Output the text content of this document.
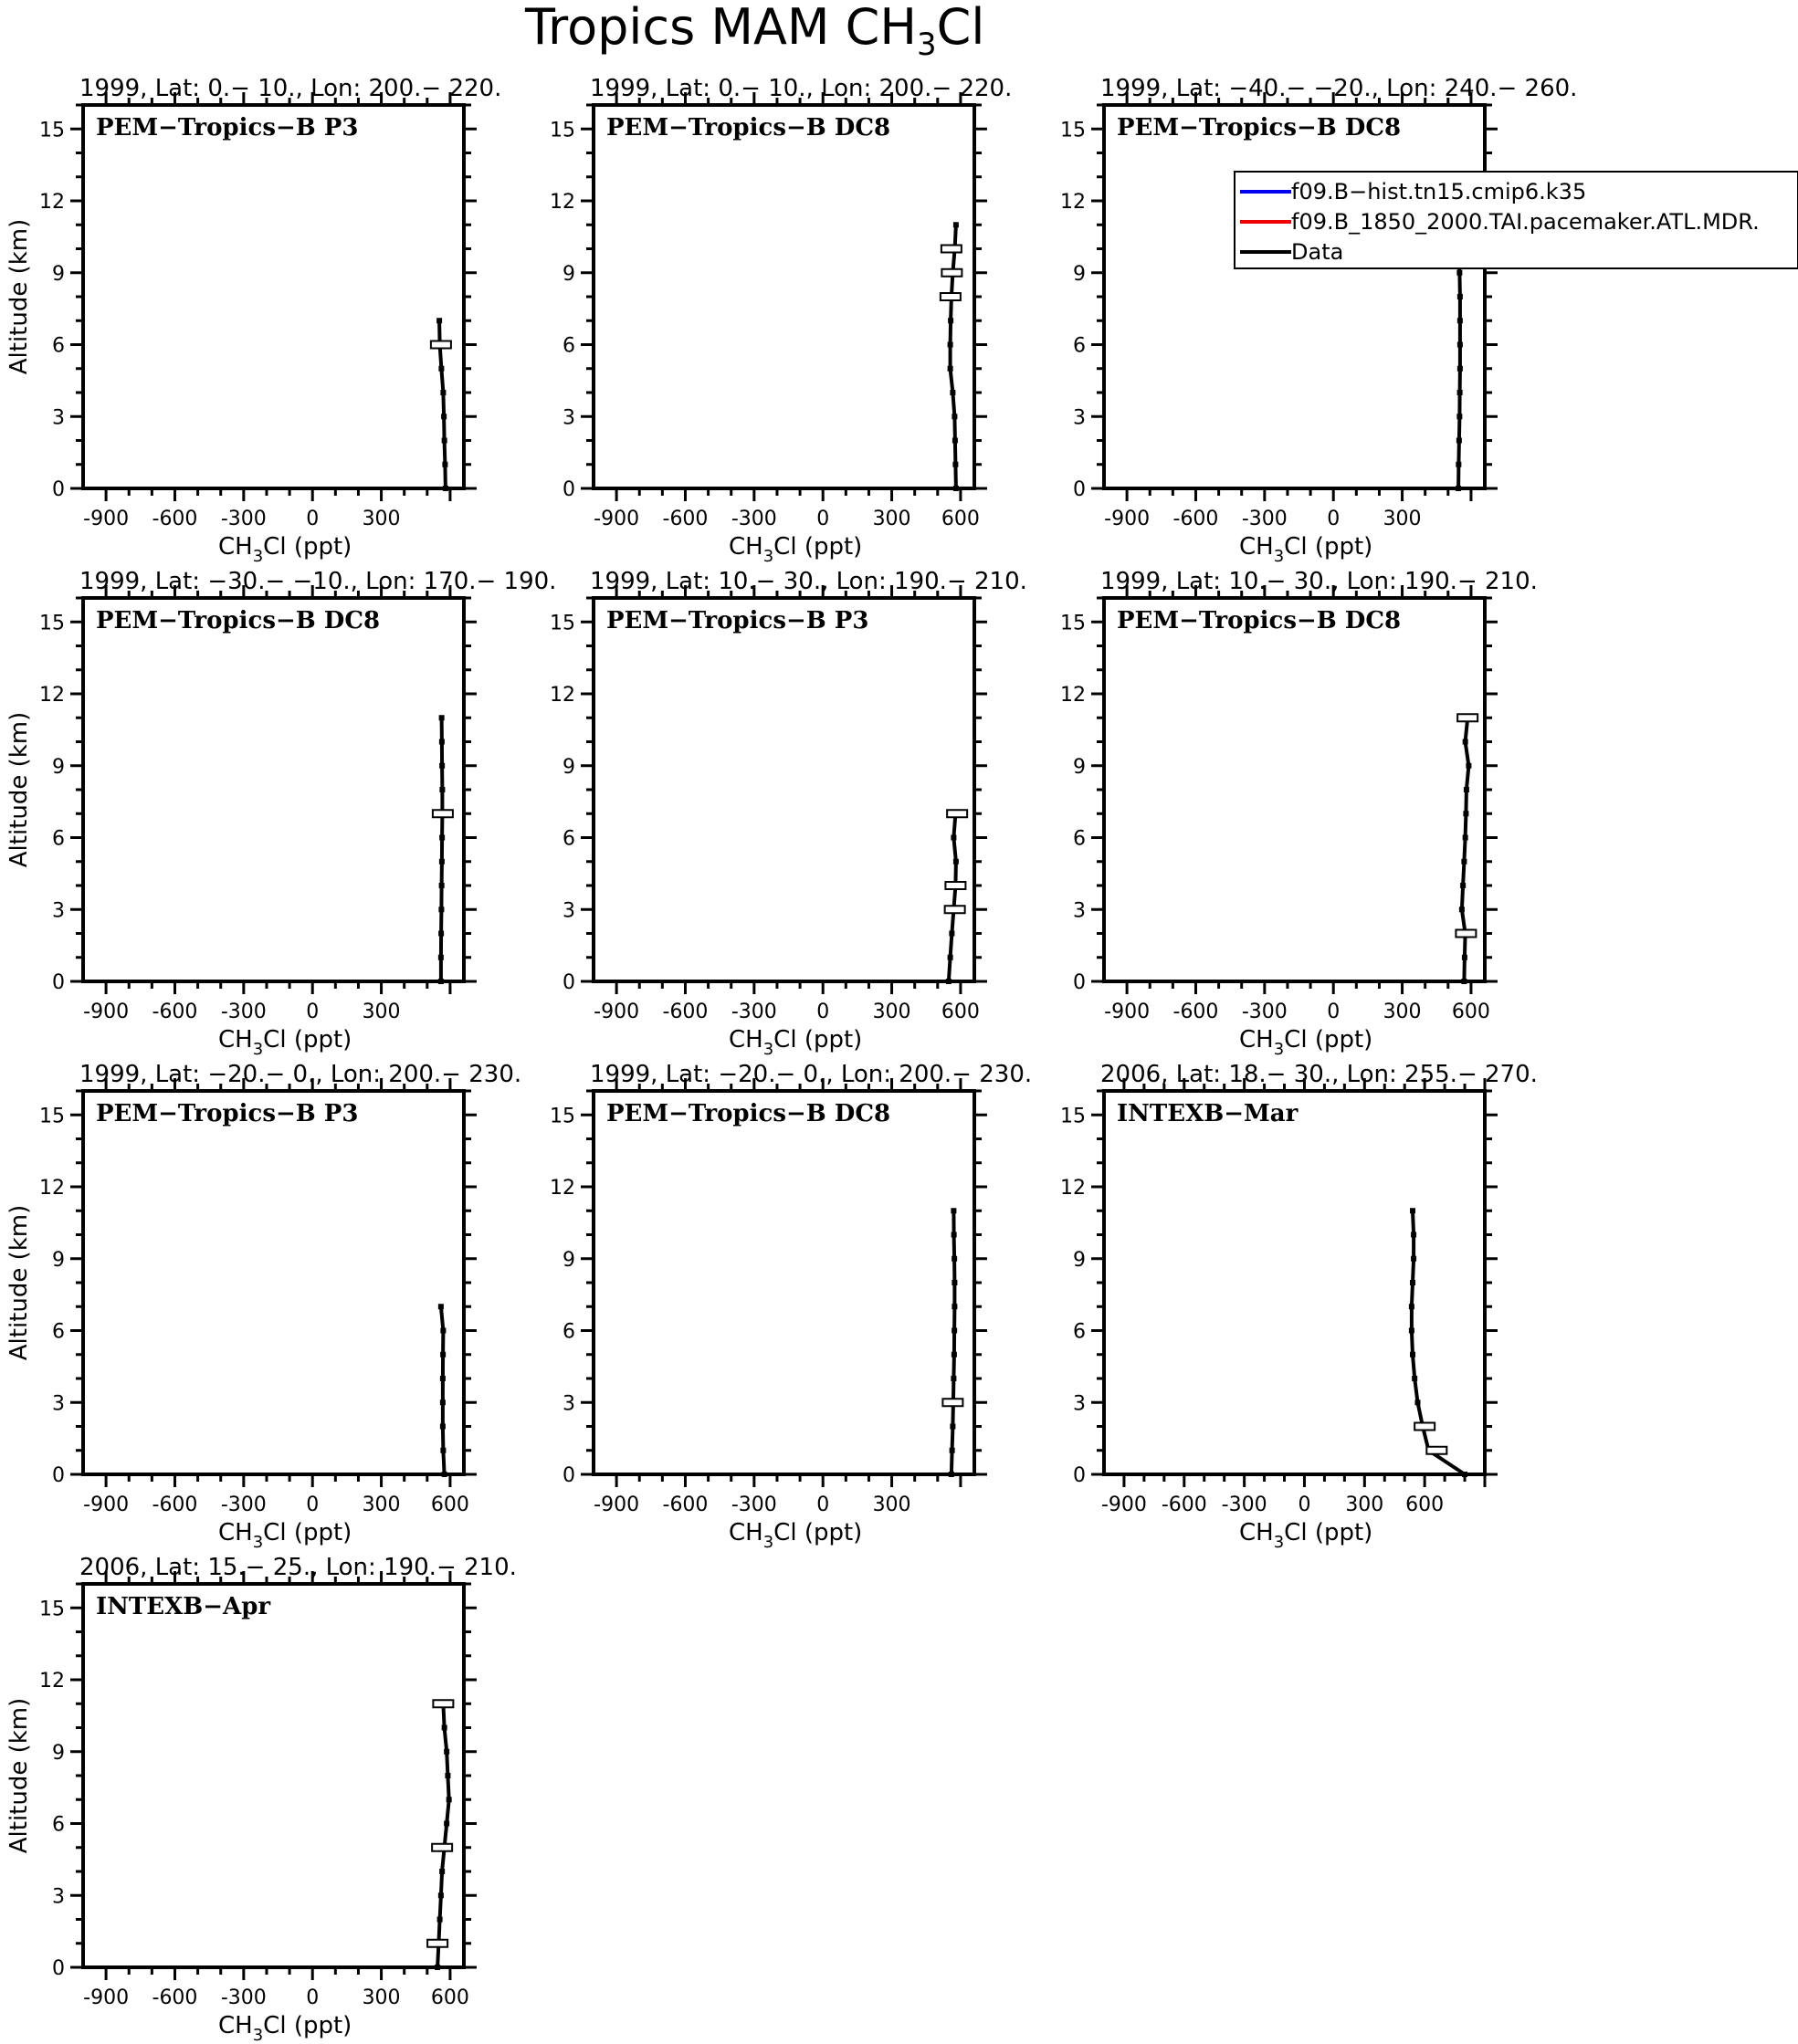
Tropics MAM $CH_3Cl$
1999, Lat: 0.− 10., Lon: 200.− 220.
PEM−Tropics−B P3
0
3
6
9
12
15
-900 -600 -300 0 300
Altitude (km)
$CH_3Cl$ (ppt)
1999, Lat: 0.− 10., Lon: 200.− 220.
PEM−Tropics−B DC8
0
3
6
9
12
15
-900 -600 -300 0 300 600
$CH_3Cl$ (ppt)
1999, Lat: −40.− −20., Lon: 240.− 260.
PEM−Tropics−B DC8
0
3
6
9
12
15
-900 -600 -300 0 300
$CH_3Cl$ (ppt)
1999, Lat: −30.− −10., Lon: 170.− 190.
PEM−Tropics−B DC8
0
3
6
9
12
15
-900 -600 -300 0 300
Altitude (km)
$CH_3Cl$ (ppt)
1999, Lat: 10.− 30., Lon: 190.− 210.
PEM−Tropics−B P3
0
3
6
9
12
15
-900 -600 -300 0 300 600
$CH_3Cl$ (ppt)
1999, Lat: 10.− 30., Lon: 190.− 210.
PEM−Tropics−B DC8
0
3
6
9
12
15
-900 -600 -300 0 300 600
$CH_3Cl$ (ppt)
1999, Lat: −20.− 0., Lon: 200.− 230.
PEM−Tropics−B P3
0
3
6
9
12
15
-900 -600 -300 0 300 600
Altitude (km)
$CH_3Cl$ (ppt)
1999, Lat: −20.− 0., Lon: 200.− 230.
PEM−Tropics−B DC8
0
3
6
9
12
15
-900 -600 -300 0 300
$CH_3Cl$ (ppt)
2006, Lat: 18.− 30., Lon: 255.− 270.
INTEXB−Mar
0
3
6
9
12
15
-900 -600 -300 0 300 600
$CH_3Cl$ (ppt)
2006, Lat: 15.− 25., Lon: 190.− 210.
INTEXB−Apr
0
3
6
9
12
15
-900 -600 -300 0 300 600
Altitude (km)
$CH_3Cl$ (ppt)
f09.B−hist.tn15.cmip6.k35
f09.B_1850_2000.TAI.pacemaker.ATL.MDR.
Data
